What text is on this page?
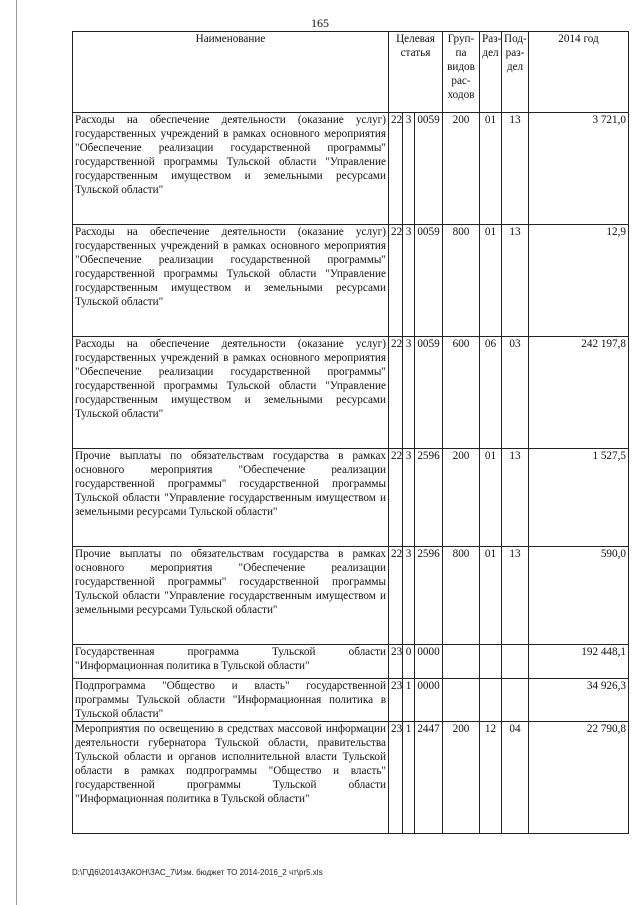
165
Наименование	Целевая статья			Груп-па видов рас-ходов	Раз-дел	Под-раз-дел	2014 год
Расходы на обеспечение деятельности (оказание услуг) государственных учреждений в рамках основного мероприятия "Обеспечение реализации государственной программы" государственной программы Тульской области "Управление государственным имуществом и земельными ресурсами Тульской области"	22	3	0059	200	01	13	3 721,0
Расходы на обеспечение деятельности (оказание услуг) государственных учреждений в рамках основного мероприятия "Обеспечение реализации государственной программы" государственной программы Тульской области "Управление государственным имуществом и земельными ресурсами Тульской области"	22	3	0059	800	01	13	12,9
Расходы на обеспечение деятельности (оказание услуг) государственных учреждений в рамках основного мероприятия "Обеспечение реализации государственной программы" государственной программы Тульской области "Управление государственным имуществом и земельными ресурсами Тульской области"	22	3	0059	600	06	03	242 197,8
Прочие выплаты по обязательствам государства в рамках основного мероприятия "Обеспечение реализации государственной программы" государственной программы Тульской области "Управление государственным имуществом и земельными ресурсами Тульской области"	22	3	2596	200	01	13	1 527,5
Прочие выплаты по обязательствам государства в рамках основного мероприятия "Обеспечение реализации государственной программы" государственной программы Тульской области "Управление государственным имуществом и земельными ресурсами Тульской области"	22	3	2596	800	01	13	590,0
Государственная программа Тульской области "Информационная политика в Тульской области"	23	0	0000				192 448,1
Подпрограмма "Общество и власть" государственной программы Тульской области "Информационная политика в Тульской области"	23	1	0000				34 926,3
Мероприятия по освещению в средствах массовой информации деятельности губернатора Тульской области, правительства Тульской области и органов исполнительной власти Тульской области в рамках подпрограммы "Общество и власть" государственной программы Тульской области "Информационная политика в Тульской области"	23	1	2447	200	12	04	22 790,8
D:\Г\Д6\2014\ЗАКОН\ЗАС_7\Изм. бюджет ТО 2014-2016_2 чт\pr5.xls
